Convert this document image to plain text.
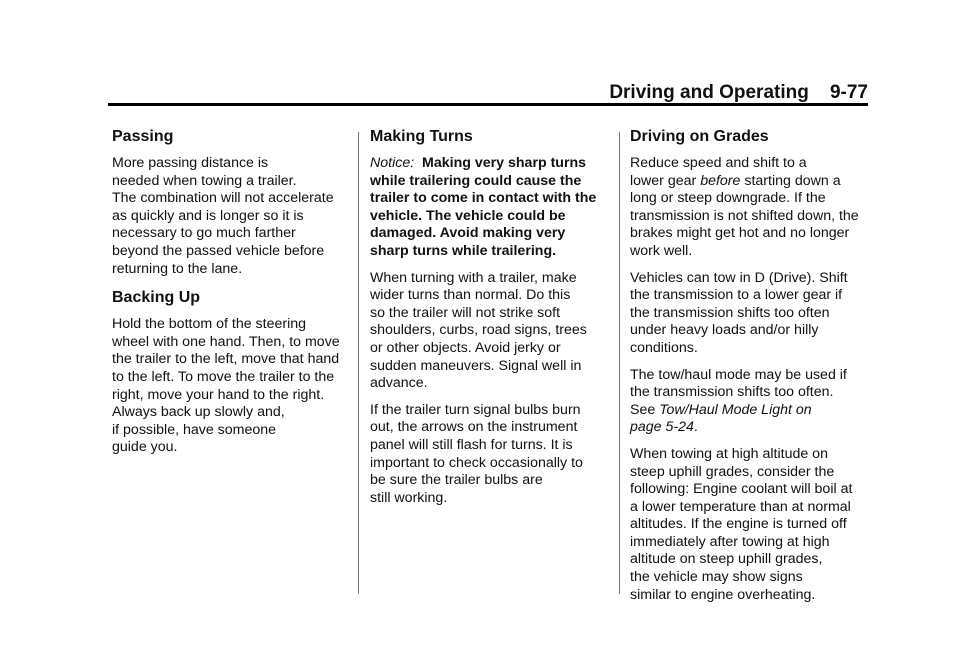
Driving and Operating 9-77
Passing

More passing distance is
needed when towing a trailer.
The combination will not accelerate
as quickly and is longer so it is
necessary to go much farther
beyond the passed vehicle before
returning to the lane.

Backing Up

Hold the bottom of the steering
wheel with one hand. Then, to move
the trailer to the left, move that hand
to the left. To move the trailer to the
right, move your hand to the right.
Always back up slowly and,
if possible, have someone
guide you.

Making Turns

Notice: Making very sharp turns
while trailering could cause the
trailer to come in contact with the
vehicle. The vehicle could be
damaged. Avoid making very
sharp turns while trailering.

When turning with a trailer, make
wider turns than normal. Do this
so the trailer will not strike soft
shoulders, curbs, road signs, trees
or other objects. Avoid jerky or
sudden maneuvers. Signal well in
advance.

If the trailer turn signal bulbs burn
out, the arrows on the instrument
panel will still flash for turns. It is
important to check occasionally to
be sure the trailer bulbs are
still working.

Driving on Grades

Reduce speed and shift to a
lower gear before starting down a
long or steep downgrade. If the
transmission is not shifted down, the
brakes might get hot and no longer
work well.

Vehicles can tow in D (Drive). Shift
the transmission to a lower gear if
the transmission shifts too often
under heavy loads and/or hilly
conditions.

The tow/haul mode may be used if
the transmission shifts too often.
See Tow/Haul Mode Light on
page 5-24.

When towing at high altitude on
steep uphill grades, consider the
following: Engine coolant will boil at
a lower temperature than at normal
altitudes. If the engine is turned off
immediately after towing at high
altitude on steep uphill grades,
the vehicle may show signs
similar to engine overheating.
